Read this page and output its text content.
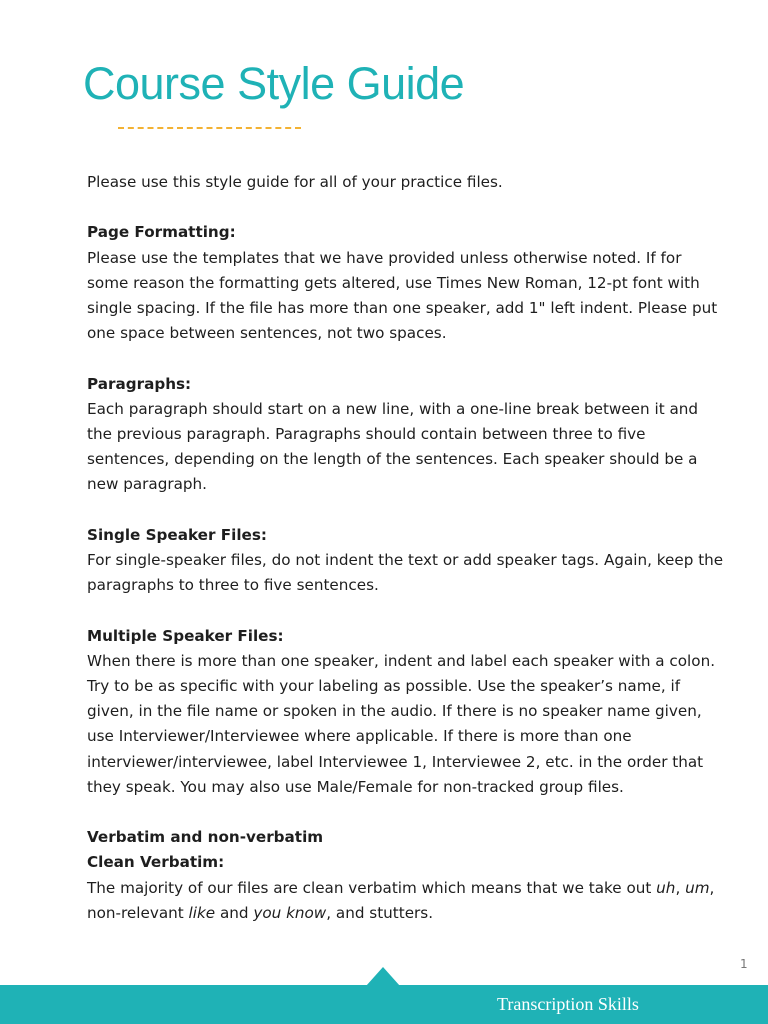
Course Style Guide

Please use this style guide for all of your practice files.

Page Formatting:

Please use the templates that we have provided unless otherwise noted. If for some reason the formatting gets altered, use Times New Roman, 12-pt font with single spacing. If the file has more than one speaker, add 1" left indent. Please put one space between sentences, not two spaces.

Paragraphs:

Each paragraph should start on a new line, with a one-line break between it and the previous paragraph. Paragraphs should contain between three to five sentences, depending on the length of the sentences. Each speaker should be a new paragraph.

Single Speaker Files:

For single-speaker files, do not indent the text or add speaker tags. Again, keep the paragraphs to three to five sentences.

Multiple Speaker Files:

When there is more than one speaker, indent and label each speaker with a colon. Try to be as specific with your labeling as possible. Use the speaker’s name, if given, in the file name or spoken in the audio. If there is no speaker name given, use Interviewer/Interviewee where applicable. If there is more than one interviewer/interviewee, label Interviewee 1, Interviewee 2, etc. in the order that they speak. You may also use Male/Female for non-tracked group files.

Verbatim and non-verbatim

Clean Verbatim:

The majority of our files are clean verbatim which means that we take out uh, um, non-relevant like and you know, and stutters.

1
Transcription Skills
